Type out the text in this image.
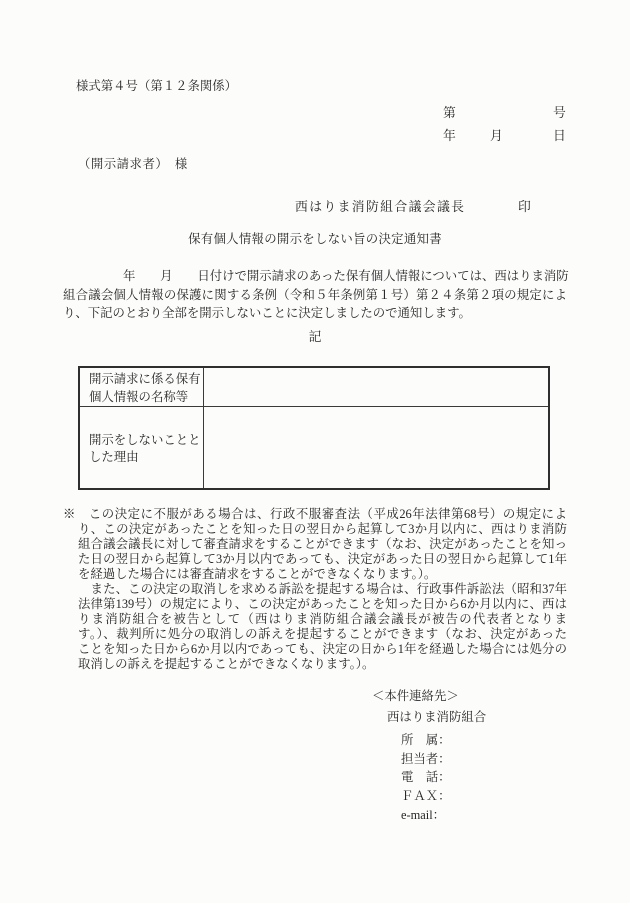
様式第４号（第１２条関係）
第	号
年	月	日
（開示請求者）　様
西はりま消防組合議会議長	印
保有個人情報の開示をしない旨の決定通知書
年　　月　　日付けで開示請求のあった保有個人情報については、西はりま消防
組合議会個人情報の保護に関する条例（令和５年条例第１号）第２４条第２項の規定によ
り、下記のとおり全部を開示しないことに決定しましたので通知します。
記
開示請求に係る保有
個人情報の名称等
開示をしないことと
した理由
※　この決定に不服がある場合は、行政不服審査法（平成26年法律第68号）の規定によ
り、この決定があったことを知った日の翌日から起算して3か月以内に、西はりま消防
組合議会議長に対して審査請求をすることができます（なお、決定があったことを知っ
た日の翌日から起算して3か月以内であっても、決定があった日の翌日から起算して1年
を経過した場合には審査請求をすることができなくなります。）。
　また、この決定の取消しを求める訴訟を提起する場合は、行政事件訴訟法（昭和37年
法律第139号）の規定により、この決定があったことを知った日から6か月以内に、西は
りま消防組合を被告として（西はりま消防組合議会議長が被告の代表者となりま
す。）、裁判所に処分の取消しの訴えを提起することができます（なお、決定があった
ことを知った日から6か月以内であっても、決定の日から1年を経過した場合には処分の
取消しの訴えを提起することができなくなります。）。
＜本件連絡先＞
西はりま消防組合
所　属：
担当者：
電　話：
ＦＡＸ：
e-mail：
